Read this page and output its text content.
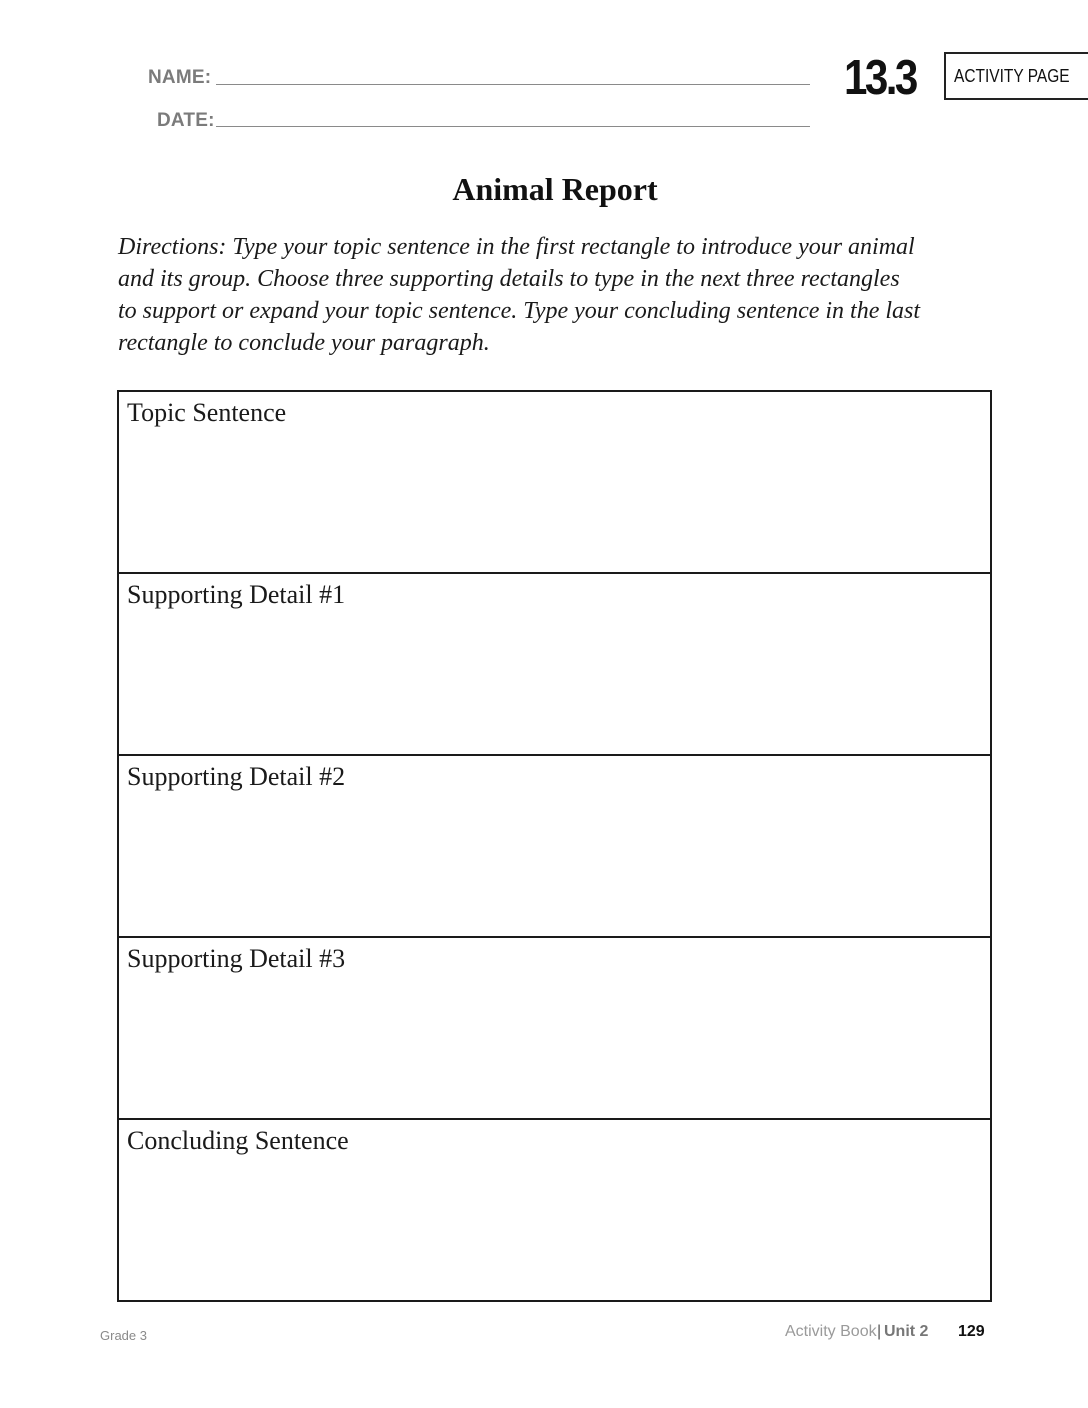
NAME:
DATE:
13.3 ACTIVITY PAGE
Animal Report
Directions: Type your topic sentence in the first rectangle to introduce your animal
and its group. Choose three supporting details to type in the next three rectangles
to support or expand your topic sentence. Type your concluding sentence in the last
rectangle to conclude your paragraph.
Topic Sentence
Supporting Detail #1
Supporting Detail #2
Supporting Detail #3
Concluding Sentence
Grade 3	Activity Book | Unit 2 129
